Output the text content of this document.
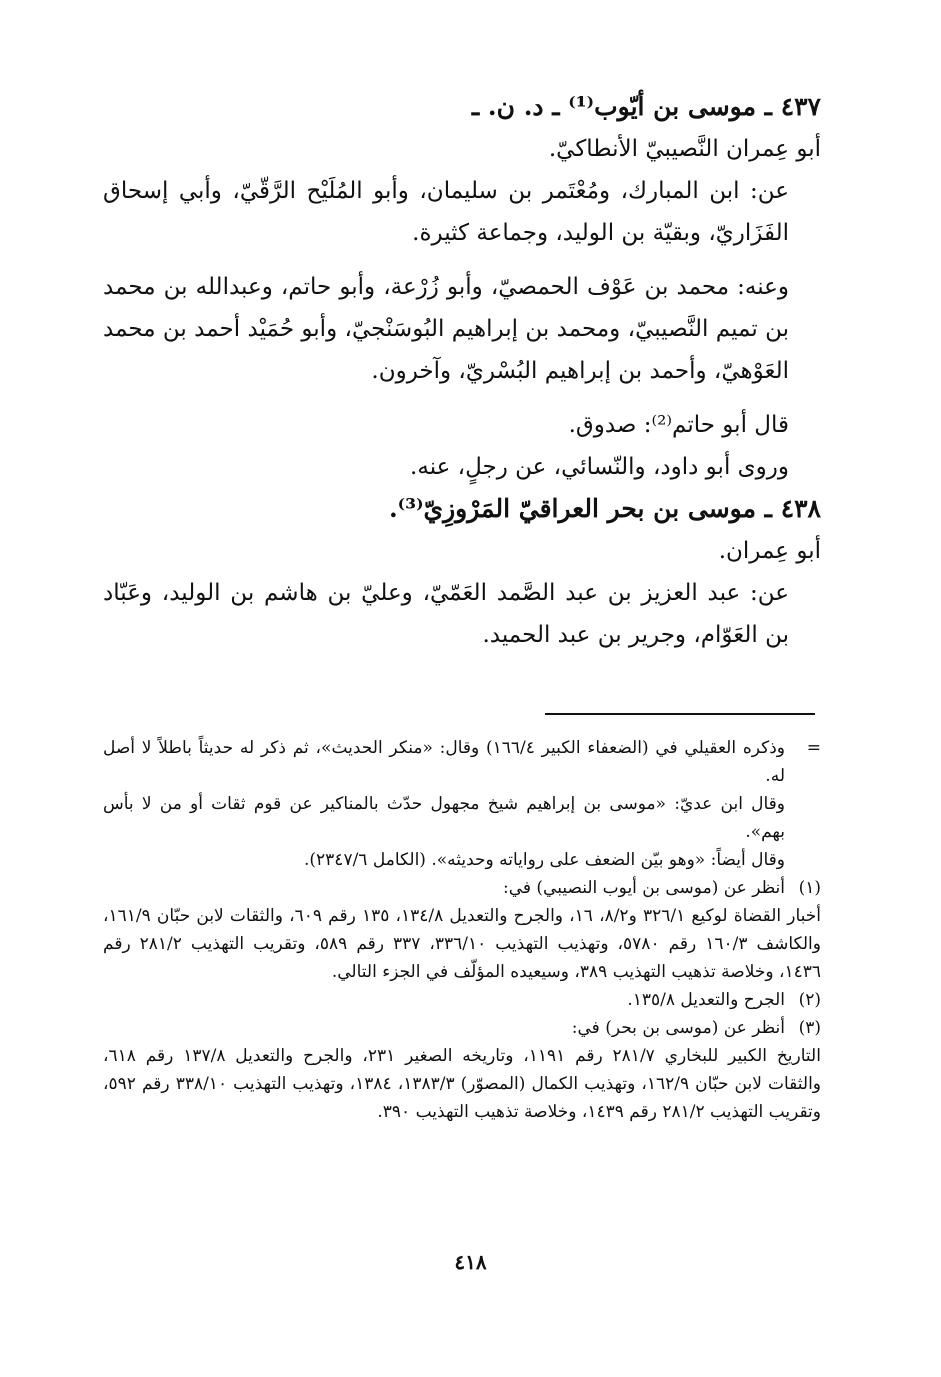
٤٣٧ ـ موسى بن أيّوب⁽¹⁾ ـ د. ن. ـ

أبو عِمران النَّصيبيّ الأنطاكيّ.

عن: ابن المبارك، ومُعْتَمر بن سليمان، وأبو المُلَيْح الرَّقّيّ، وأبي إسحاق الفَزَاريّ، وبقيّة بن الوليد، وجماعة كثيرة.

وعنه: محمد بن عَوْف الحمصيّ، وأبو زُرْعة، وأبو حاتم، وعبدالله بن محمد بن تميم النَّصيبيّ، ومحمد بن إبراهيم البُوسَنْجيّ، وأبو حُمَيْد أحمد بن محمد العَوْهيّ، وأحمد بن إبراهيم البُسْريّ، وآخرون.

قال أبو حاتم⁽²⁾: صدوق.

وروى أبو داود، والنّسائي، عن رجلٍ، عنه.

٤٣٨ ـ موسى بن بحر العراقيّ المَرْوزِيّ⁽³⁾.

أبو عِمران.

عن: عبد العزيز بن عبد الصَّمد العَمّيّ، وعليّ بن هاشم بن الوليد، وعَبّاد بن العَوّام، وجرير بن عبد الحميد.

=
وذكره العقيلي في (الضعفاء الكبير ١٦٦/٤) وقال: «منكر الحديث»، ثم ذكر له حديثاً باطلاً لا أصل له.
وقال ابن عديّ: «موسى بن إبراهيم شيخ مجهول حدّث بالمناكير عن قوم ثقات أو من لا بأس بهم».
وقال أيضاً: «وهو بيّن الضعف على رواياته وحديثه». (الكامل ٢٣٤٧/٦).
(١)
أنظر عن (موسى بن أيوب النصيبي) في:
أخبار القضاة لوكيع ٣٢٦/١ و٨/٢، ١٦، والجرح والتعديل ١٣٤/٨، ١٣٥ رقم ٦٠٩، والثقات لابن حبّان ١٦١/٩، والكاشف ١٦٠/٣ رقم ٥٧٨٠، وتهذيب التهذيب ٣٣٦/١٠، ٣٣٧ رقم ٥٨٩، وتقريب التهذيب ٢٨١/٢ رقم ١٤٣٦، وخلاصة تذهيب التهذيب ٣٨٩، وسيعيده المؤلّف في الجزء التالي.
(٢)
الجرح والتعديل ١٣٥/٨.
(٣)
أنظر عن (موسى بن بحر) في:
التاريخ الكبير للبخاري ٢٨١/٧ رقم ١١٩١، وتاريخه الصغير ٢٣١، والجرح والتعديل ١٣٧/٨ رقم ٦١٨، والثقات لابن حبّان ١٦٢/٩، وتهذيب الكمال (المصوّر) ١٣٨٣/٣، ١٣٨٤، وتهذيب التهذيب ٣٣٨/١٠ رقم ٥٩٢، وتقريب التهذيب ٢٨١/٢ رقم ١٤٣٩، وخلاصة تذهيب التهذيب ٣٩٠.
٤١٨
